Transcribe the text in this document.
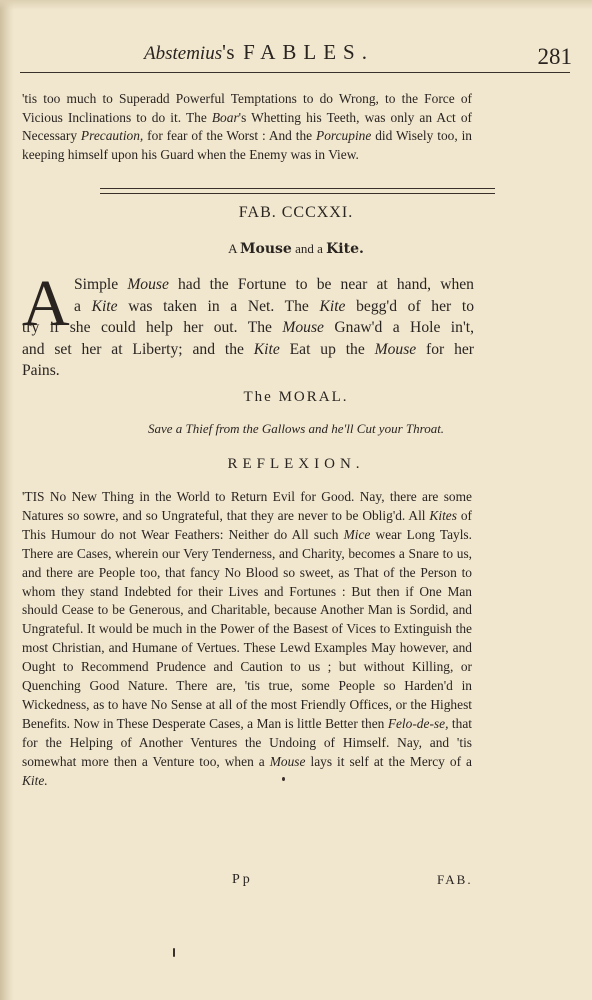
Abstemius's FABLES.	281
'tis too much to Superadd Powerful Temptations to do Wrong, to the Force of Vicious Inclinations to do it. The Boar's Whetting his Teeth, was only an Act of Necessary Precaution, for fear of the Worst : And the Porcupine did Wisely too, in keeping himself upon his Guard when the Enemy was in View.
FAB. CCCXXI.
A Mouse and a Kite.
A Simple Mouse had the Fortune to be near at hand, when
a Kite was taken in a Net. The Kite begg'd of her to
try if she could help her out. The Mouse Gnaw'd a Hole in't,
and set her at Liberty; and the Kite Eat up the Mouse for her
Pains.
The MORAL.
Save a Thief from the Gallows and he'll Cut your Throat.
REFLEXION.
'TIS No New Thing in the World to Return Evil for Good. Nay, there are some Natures so sowre, and so Ungrateful, that they are never to be Oblig'd. All Kites of This Humour do not Wear Feathers: Neither do All such Mice wear Long Tayls. There are Cases, wherein our Very Tenderness, and Charity, becomes a Snare to us, and there are People too, that fancy No Blood so sweet, as That of the Person to whom they stand Indebted for their Lives and Fortunes : But then if One Man should Cease to be Generous, and Charitable, because Another Man is Sordid, and Ungrateful. It would be much in the Power of the Basest of Vices to Extinguish the most Christian, and Humane of Vertues. These Lewd Examples May however, and Ought to Recommend Prudence and Caution to us ; but without Killing, or Quenching Good Nature. There are, 'tis true, some People so Harden'd in Wickedness, as to have No Sense at all of the most Friendly Offices, or the Highest Benefits. Now in These Desperate Cases, a Man is little Better then Felo-de-se, that for the Helping of Another Ventures the Undoing of Himself. Nay, and 'tis somewhat more then a Venture too, when a Mouse lays it self at the Mercy of a Kite.
P p	FAB.
